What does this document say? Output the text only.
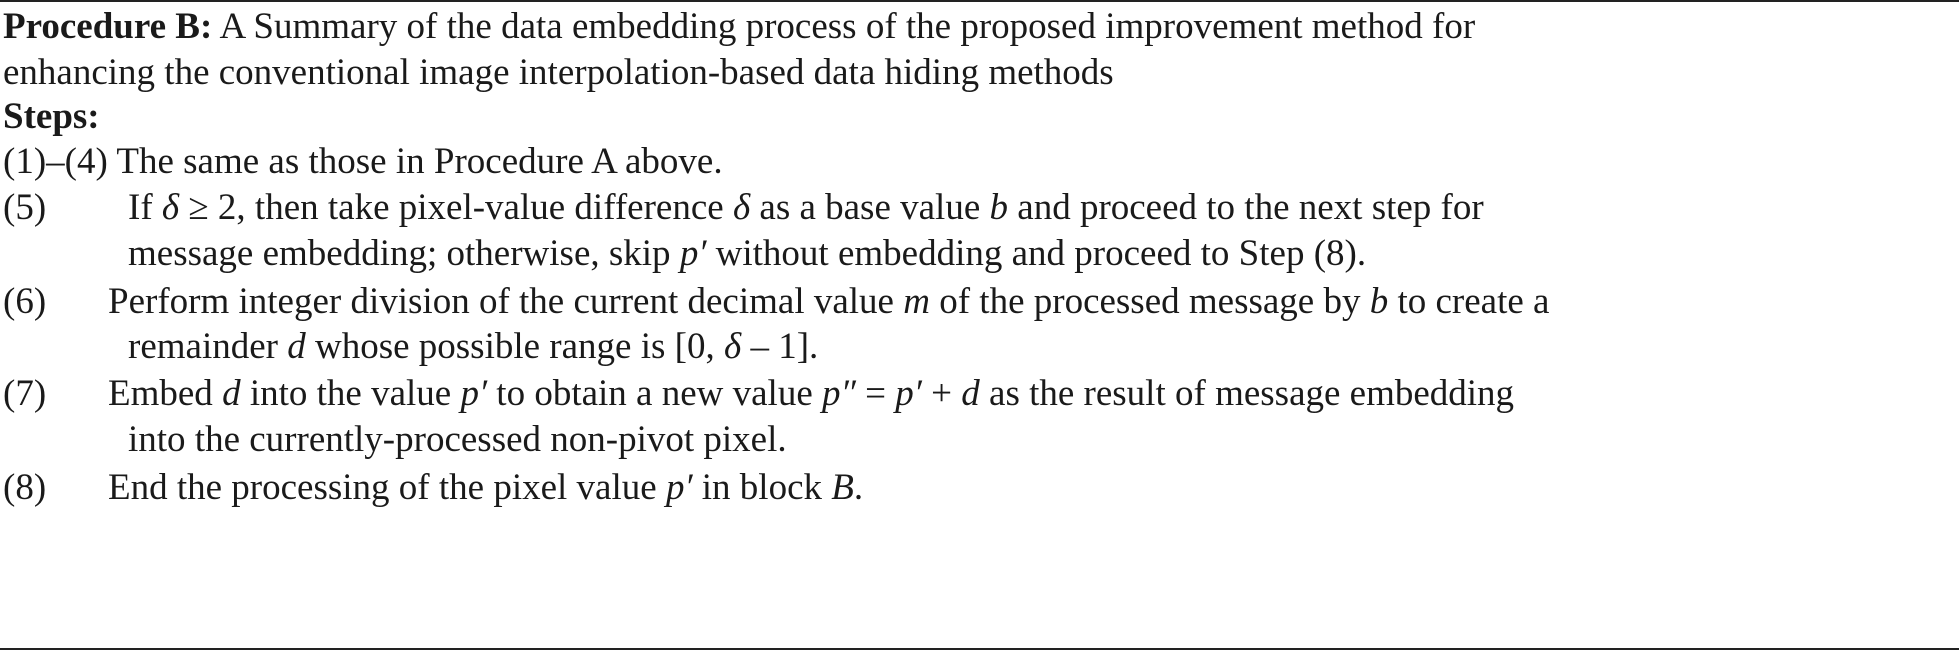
Procedure B: A Summary of the data embedding process of the proposed improvement method for
enhancing the conventional image interpolation-based data hiding methods
Steps:
(1)–(4) The same as those in Procedure A above.
(5) If δ ≥ 2, then take pixel-value difference δ as a base value b and proceed to the next step for
message embedding; otherwise, skip p′ without embedding and proceed to Step (8).
(6) Perform integer division of the current decimal value m of the processed message by b to create a
remainder d whose possible range is [0, δ – 1].
(7) Embed d into the value p′ to obtain a new value p″ = p′ + d as the result of message embedding
into the currently-processed non-pivot pixel.
(8) End the processing of the pixel value p′ in block B.
